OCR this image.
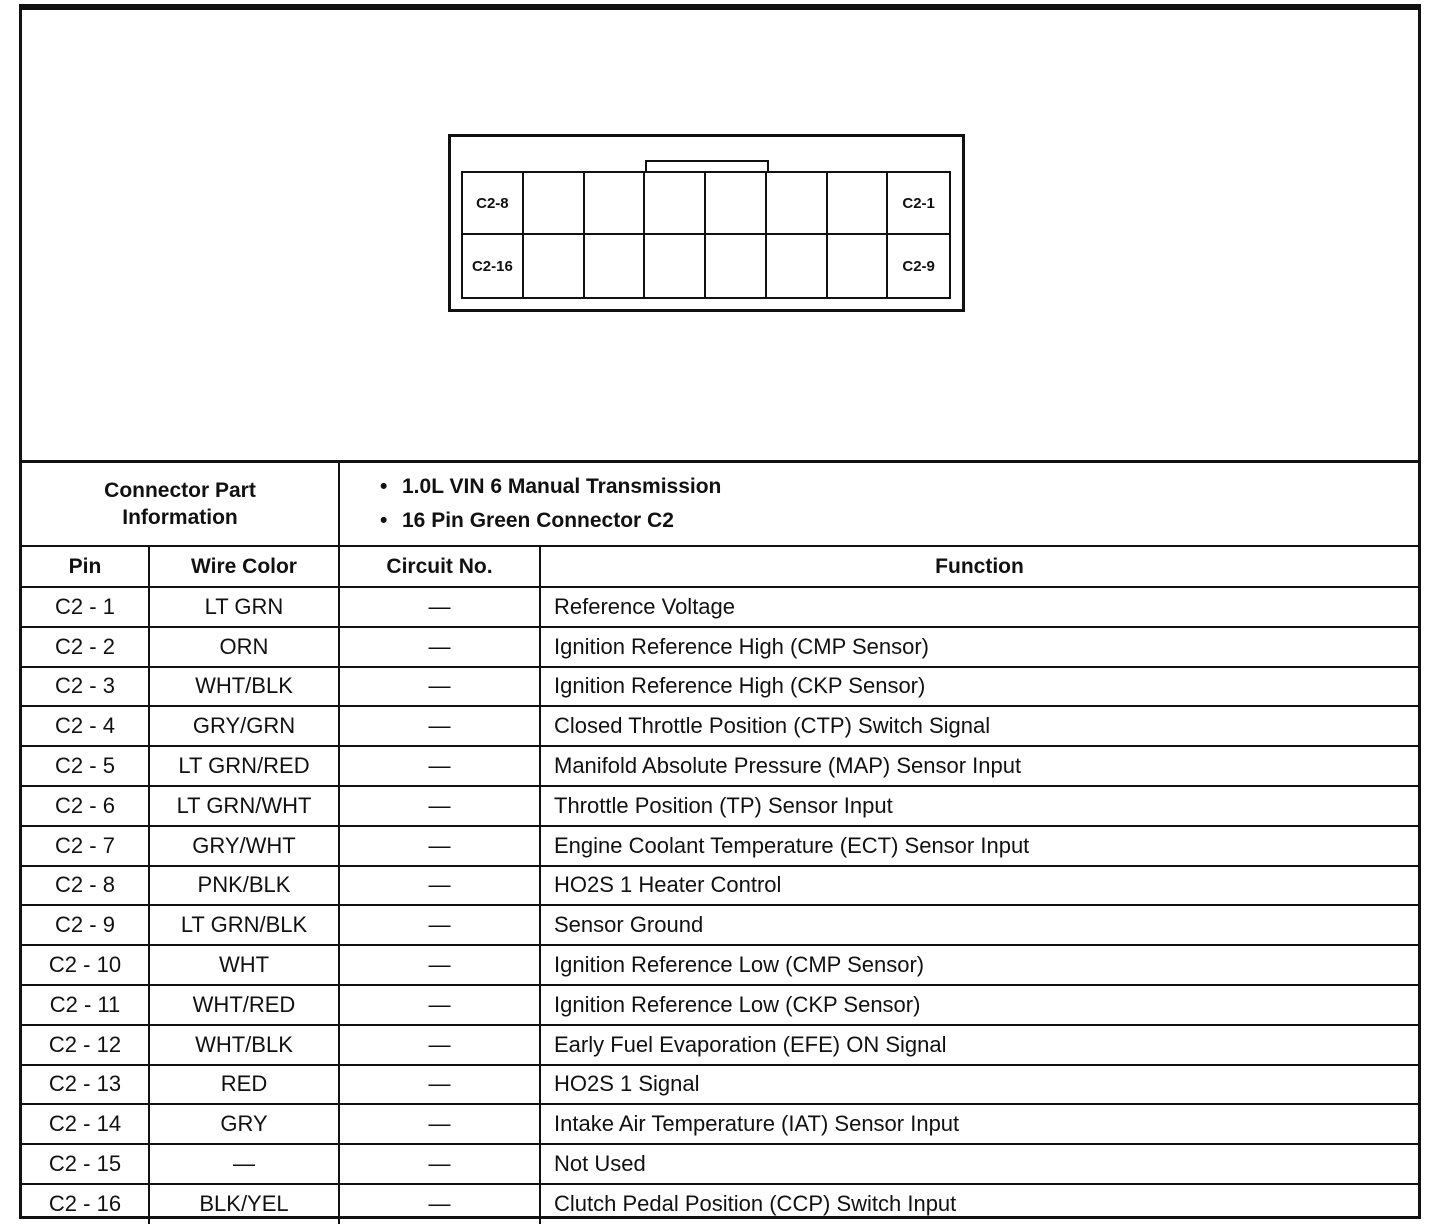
C2-8	C2-1
C2-16	C2-9
Connector Part Information		• 1.0L VIN 6 Manual Transmission
• 16 Pin Green Connector C2	

Pin	Wire Color	Circuit No.	Function
C2 - 1	LT GRN	—	Reference Voltage
C2 - 2	ORN	—	Ignition Reference High (CMP Sensor)
C2 - 3	WHT/BLK	—	Ignition Reference High (CKP Sensor)
C2 - 4	GRY/GRN	—	Closed Throttle Position (CTP) Switch Signal
C2 - 5	LT GRN/RED	—	Manifold Absolute Pressure (MAP) Sensor Input
C2 - 6	LT GRN/WHT	—	Throttle Position (TP) Sensor Input
C2 - 7	GRY/WHT	—	Engine Coolant Temperature (ECT) Sensor Input
C2 - 8	PNK/BLK	—	HO2S 1 Heater Control
C2 - 9	LT GRN/BLK	—	Sensor Ground
C2 - 10	WHT	—	Ignition Reference Low (CMP Sensor)
C2 - 11	WHT/RED	—	Ignition Reference Low (CKP Sensor)
C2 - 12	WHT/BLK	—	Early Fuel Evaporation (EFE) ON Signal
C2 - 13	RED	—	HO2S 1 Signal
C2 - 14	GRY	—	Intake Air Temperature (IAT) Sensor Input
C2 - 15	—	—	Not Used
C2 - 16	BLK/YEL	—	Clutch Pedal Position (CCP) Switch Input
